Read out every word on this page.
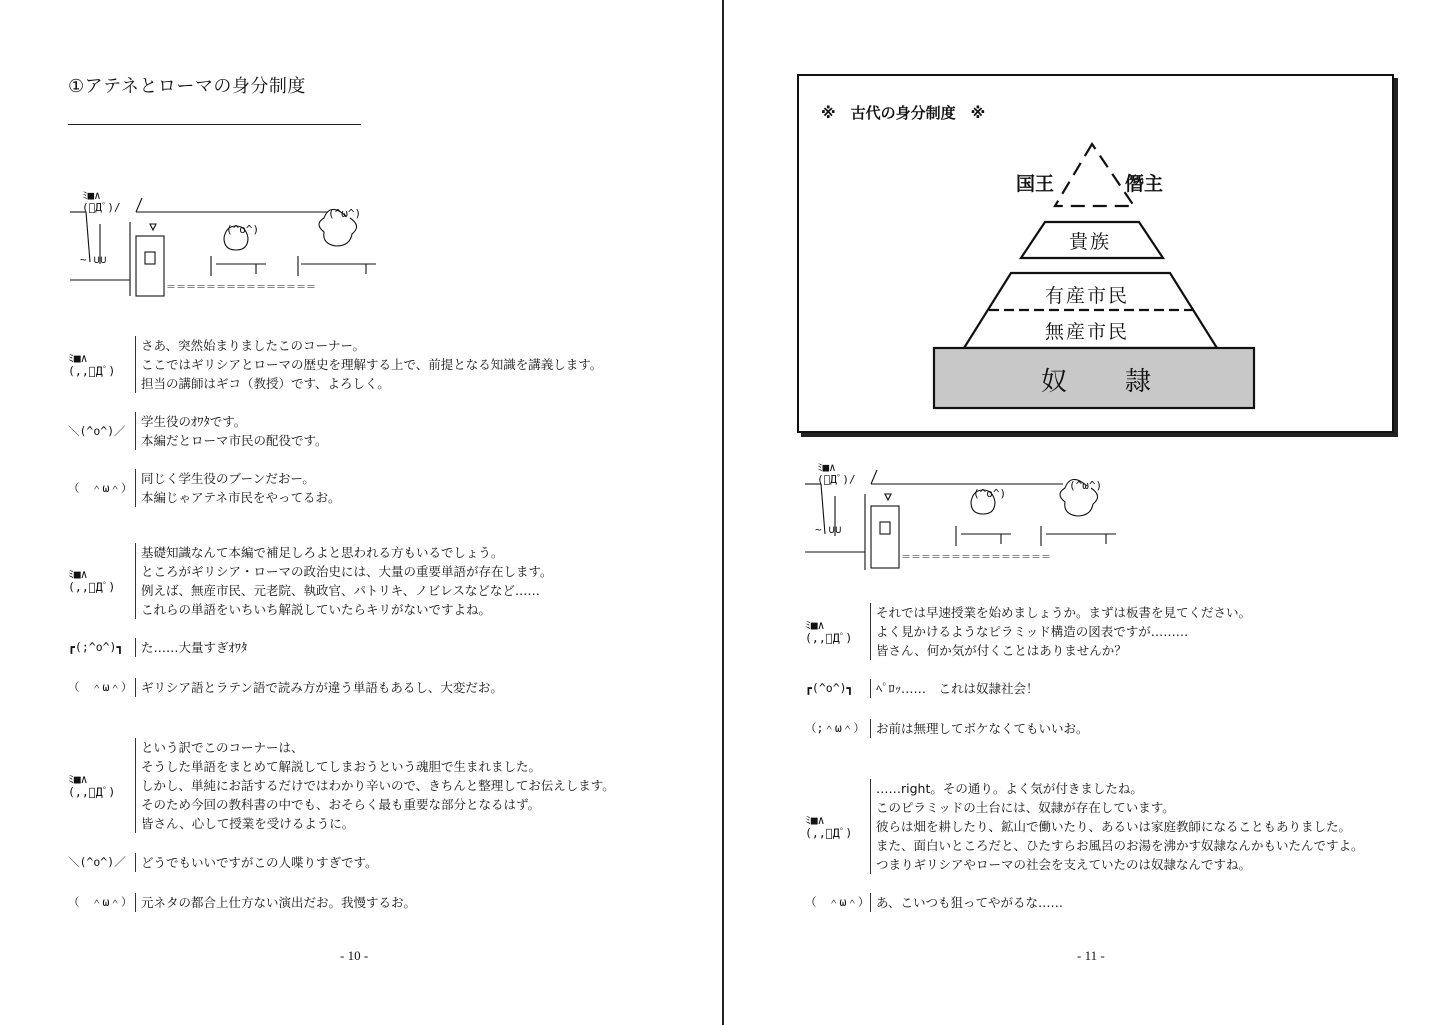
①アテネとローマの身分制度
ﾐ■∧
(ﾟДﾟ)/
(^o^)
(^ω^)
~ ∪∪
＝＝＝＝＝＝＝＝＝＝＝＝＝＝＝
ﾐ■∧
(,,ﾟДﾟ)
さあ、突然始まりましたこのコーナー。
ここではギリシアとローマの歴史を理解する上で、前提となる知識を講義します。
担当の講師はギコ（教授）です、よろしく。
＼(^o^)／
学生役のｵﾜﾀです。
本編だとローマ市民の配役です。
（　＾ω＾）
同じく学生役のブーンだおー。
本編じゃアテネ市民をやってるお。
ﾐ■∧
(,,ﾟДﾟ)
基礎知識なんて本編で補足しろよと思われる方もいるでしょう。
ところがギリシア・ローマの政治史には、大量の重要単語が存在します。
例えば、無産市民、元老院、執政官、パトリキ、ノビレスなどなど……
これらの単語をいちいち解説していたらキリがないですよね。
┏(;^o^)┓ た……大量すぎｵﾜﾀ
（　＾ω＾） ギリシア語とラテン語で読み方が違う単語もあるし、大変だお。
ﾐ■∧
(,,ﾟДﾟ)
という訳でこのコーナーは、
そうした単語をまとめて解説してしまおうという魂胆で生まれました。
しかし、単純にお話するだけではわかり辛いので、きちんと整理してお伝えします。
そのため今回の教科書の中でも、おそらく最も重要な部分となるはず。
皆さん、心して授業を受けるように。
＼(^o^)／ どうでもいいですがこの人喋りすぎです。
（　＾ω＾） 元ネタの都合上仕方ない演出だお。我慢するお。
- 10 -
※　古代の身分制度　※
国王	僭主
貴族
有産市民
無産市民
奴　　隷
ﾐ■∧
(ﾟДﾟ)/
(^o^)
(^ω^)
~ ∪∪
＝＝＝＝＝＝＝＝＝＝＝＝＝＝＝
ﾐ■∧
(,,ﾟДﾟ)
それでは早速授業を始めましょうか。まずは板書を見てください。
よく見かけるようなピラミッド構造の図表ですが………
皆さん、何か気が付くことはありませんか？
┏(^o^)┓ ﾍﾟﾛｯ……　これは奴隷社会！
（;＾ω＾） お前は無理してボケなくてもいいお。
ﾐ■∧
(,,ﾟДﾟ)
……right。その通り。よく気が付きましたね。
このピラミッドの土台には、奴隷が存在しています。
彼らは畑を耕したり、鉱山で働いたり、あるいは家庭教師になることもありました。
また、面白いところだと、ひたすらお風呂のお湯を沸かす奴隷なんかもいたんですよ。
つまりギリシアやローマの社会を支えていたのは奴隷なんですね。
（　＾ω＾） あ、こいつも狙ってやがるな……
- 11 -
